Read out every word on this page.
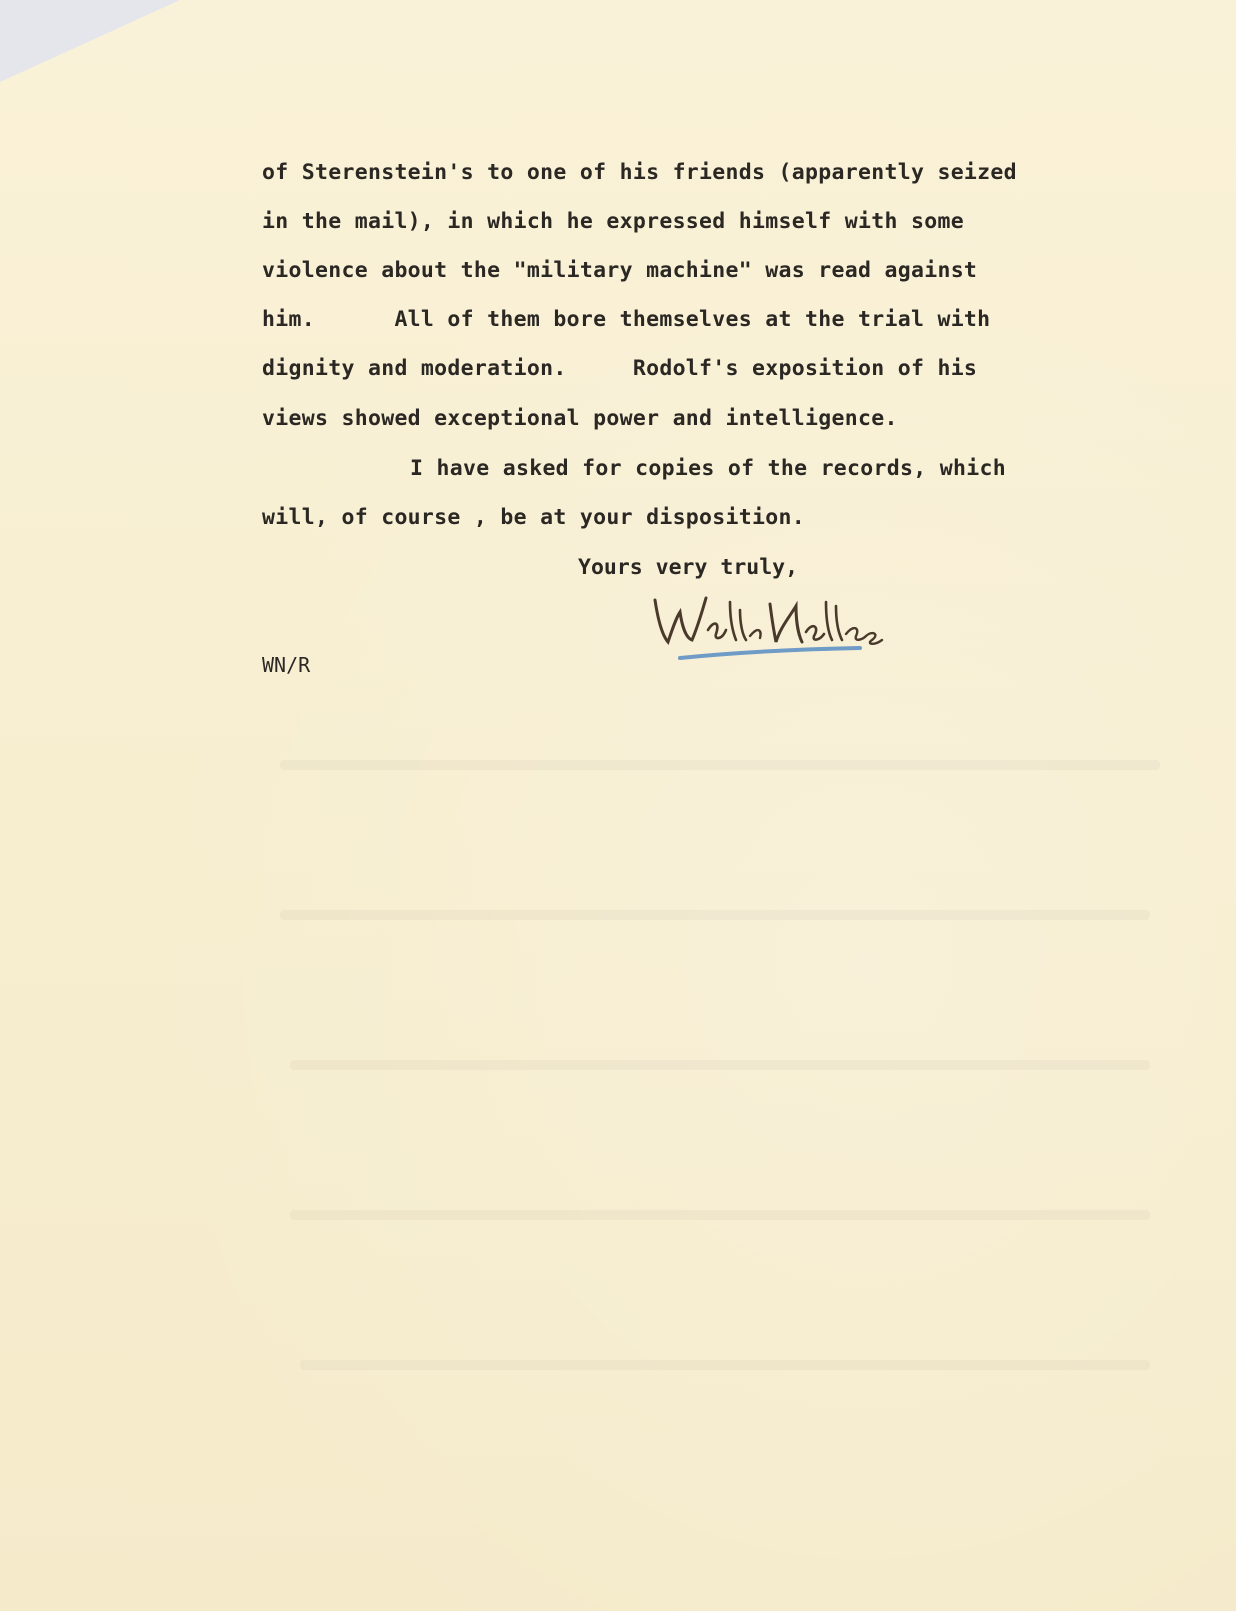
of Sterenstein's to one of his friends (apparently seized
in the mail), in which he expressed himself with some
violence about the "military machine" was read against
him.      All of them bore themselves at the trial with
dignity and moderation.     Rodolf's exposition of his
views showed exceptional power and intelligence.
I have asked for copies of the records, which
will, of course , be at your disposition.
Yours very truly,
WN/R
